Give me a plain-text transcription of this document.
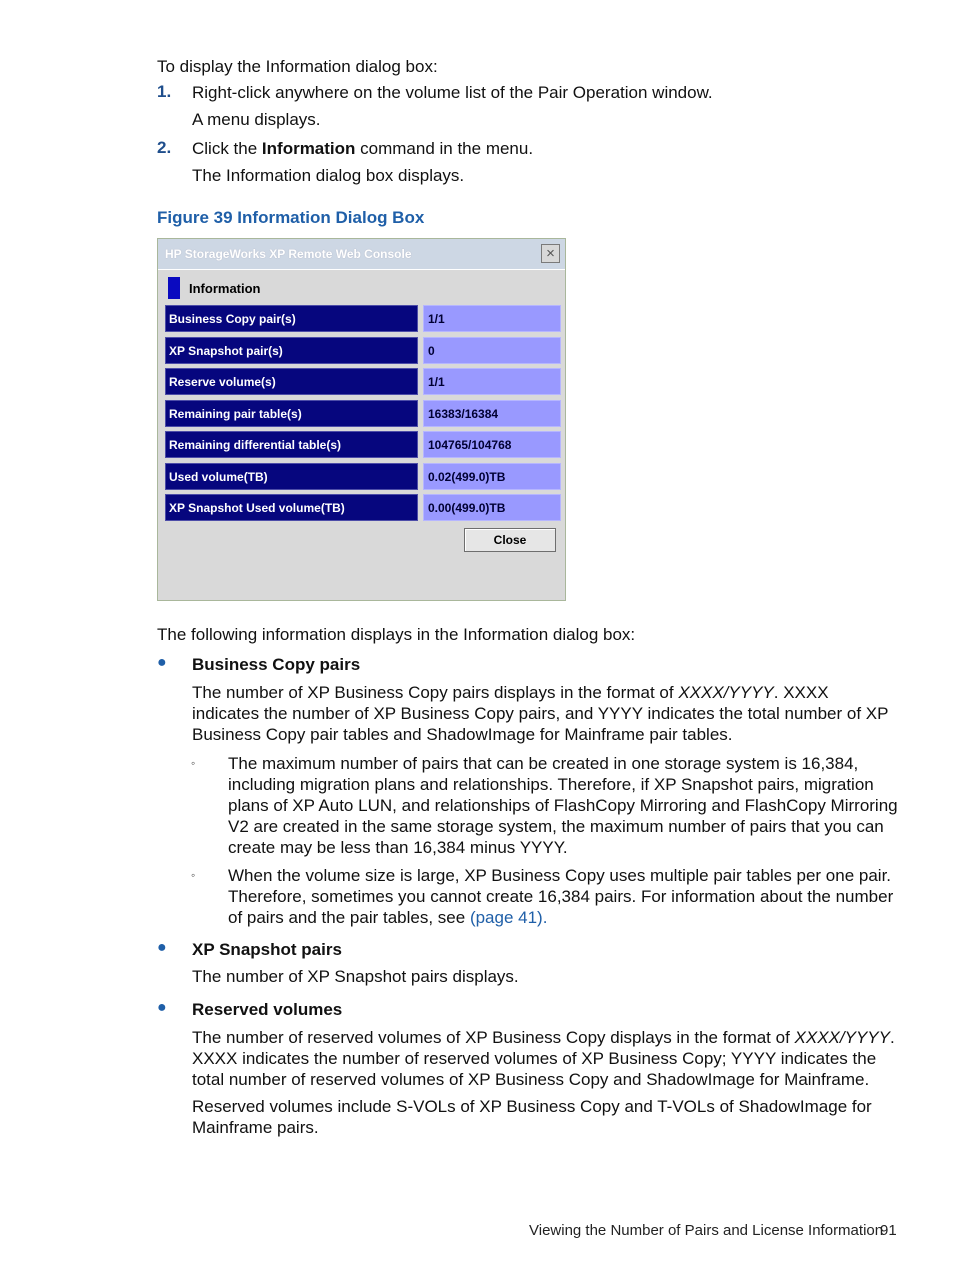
To display the Information dialog box:
1. Right-click anywhere on the volume list of the Pair Operation window.
A menu displays.
2. Click the Information command in the menu.
The Information dialog box displays.
Figure 39 Information Dialog Box
HP StorageWorks XP Remote Web Console	×
Information
Business Copy pair(s)	1/1
XP Snapshot pair(s)	0
Reserve volume(s)	1/1
Remaining pair table(s)	16383/16384
Remaining differential table(s)	104765/104768
Used volume(TB)	0.02(499.0)TB
XP Snapshot Used volume(TB)	0.00(499.0)TB
Close
The following information displays in the Information dialog box:
● Business Copy pairs
The number of XP Business Copy pairs displays in the format of XXXX/YYYY. XXXX indicates the number of XP Business Copy pairs, and YYYY indicates the total number of XP Business Copy pair tables and ShadowImage for Mainframe pair tables.
◦ The maximum number of pairs that can be created in one storage system is 16,384, including migration plans and relationships. Therefore, if XP Snapshot pairs, migration plans of XP Auto LUN, and relationships of FlashCopy Mirroring and FlashCopy Mirroring V2 are created in the same storage system, the maximum number of pairs that you can create may be less than 16,384 minus YYYY.
◦ When the volume size is large, XP Business Copy uses multiple pair tables per one pair. Therefore, sometimes you cannot create 16,384 pairs. For information about the number of pairs and the pair tables, see (page 41).
● XP Snapshot pairs
The number of XP Snapshot pairs displays.
● Reserved volumes
The number of reserved volumes of XP Business Copy displays in the format of XXXX/YYYY. XXXX indicates the number of reserved volumes of XP Business Copy; YYYY indicates the total number of reserved volumes of XP Business Copy and ShadowImage for Mainframe.
Reserved volumes include S-VOLs of XP Business Copy and T-VOLs of ShadowImage for Mainframe pairs.
Viewing the Number of Pairs and License Information
91
